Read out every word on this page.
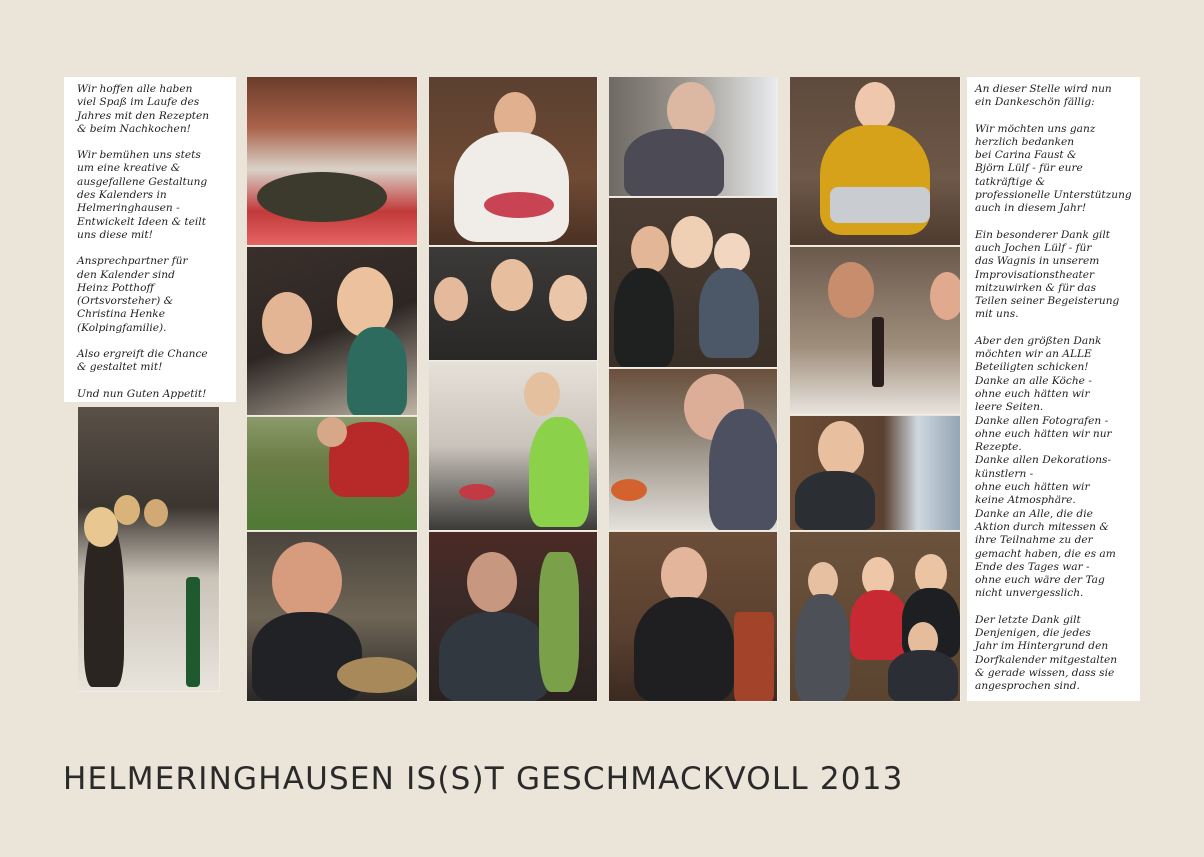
Wir hoffen alle haben
viel Spaß im Laufe des
Jahres mit den Rezepten
& beim Nachkochen!

Wir bemühen uns stets
um eine kreative &
ausgefallene Gestaltung
des Kalenders in
Helmeringhausen -
Entwickelt Ideen & teilt
uns diese mit!

Ansprechpartner für
den Kalender sind
Heinz Potthoff
(Ortsvorsteher) &
Christina Henke
(Kolpingfamilie).

Also ergreift die Chance
& gestaltet mit!

Und nun Guten Appetit!

An dieser Stelle wird nun
ein Dankeschön fällig:

Wir möchten uns ganz
herzlich bedanken
bei Carina Faust &
Björn Lülf - für eure
tatkräftige &
professionelle Unterstützung
auch in diesem Jahr!

Ein besonderer Dank gilt
auch Jochen Lülf - für
das Wagnis in unserem
Improvisationstheater
mitzuwirken & für das
Teilen seiner Begeisterung
mit uns.

Aber den größten Dank
möchten wir an ALLE
Beteiligten schicken!
Danke an alle Köche -
ohne euch hätten wir
leere Seiten.
Danke allen Fotografen -
ohne euch hätten wir nur
Rezepte.
Danke allen Dekorations-
künstlern -
ohne euch hätten wir
keine Atmosphäre.
Danke an Alle, die die
Aktion durch mitessen &
ihre Teilnahme zu der
gemacht haben, die es am
Ende des Tages war -
ohne euch wäre der Tag
nicht unvergesslich.

Der letzte Dank gilt
Denjenigen, die jedes
Jahr im Hintergrund den
Dorfkalender mitgestalten
& gerade wissen, dass sie
angesprochen sind.

HELMERINGHAUSEN IS(S)T GESCHMACKVOLL 2013
